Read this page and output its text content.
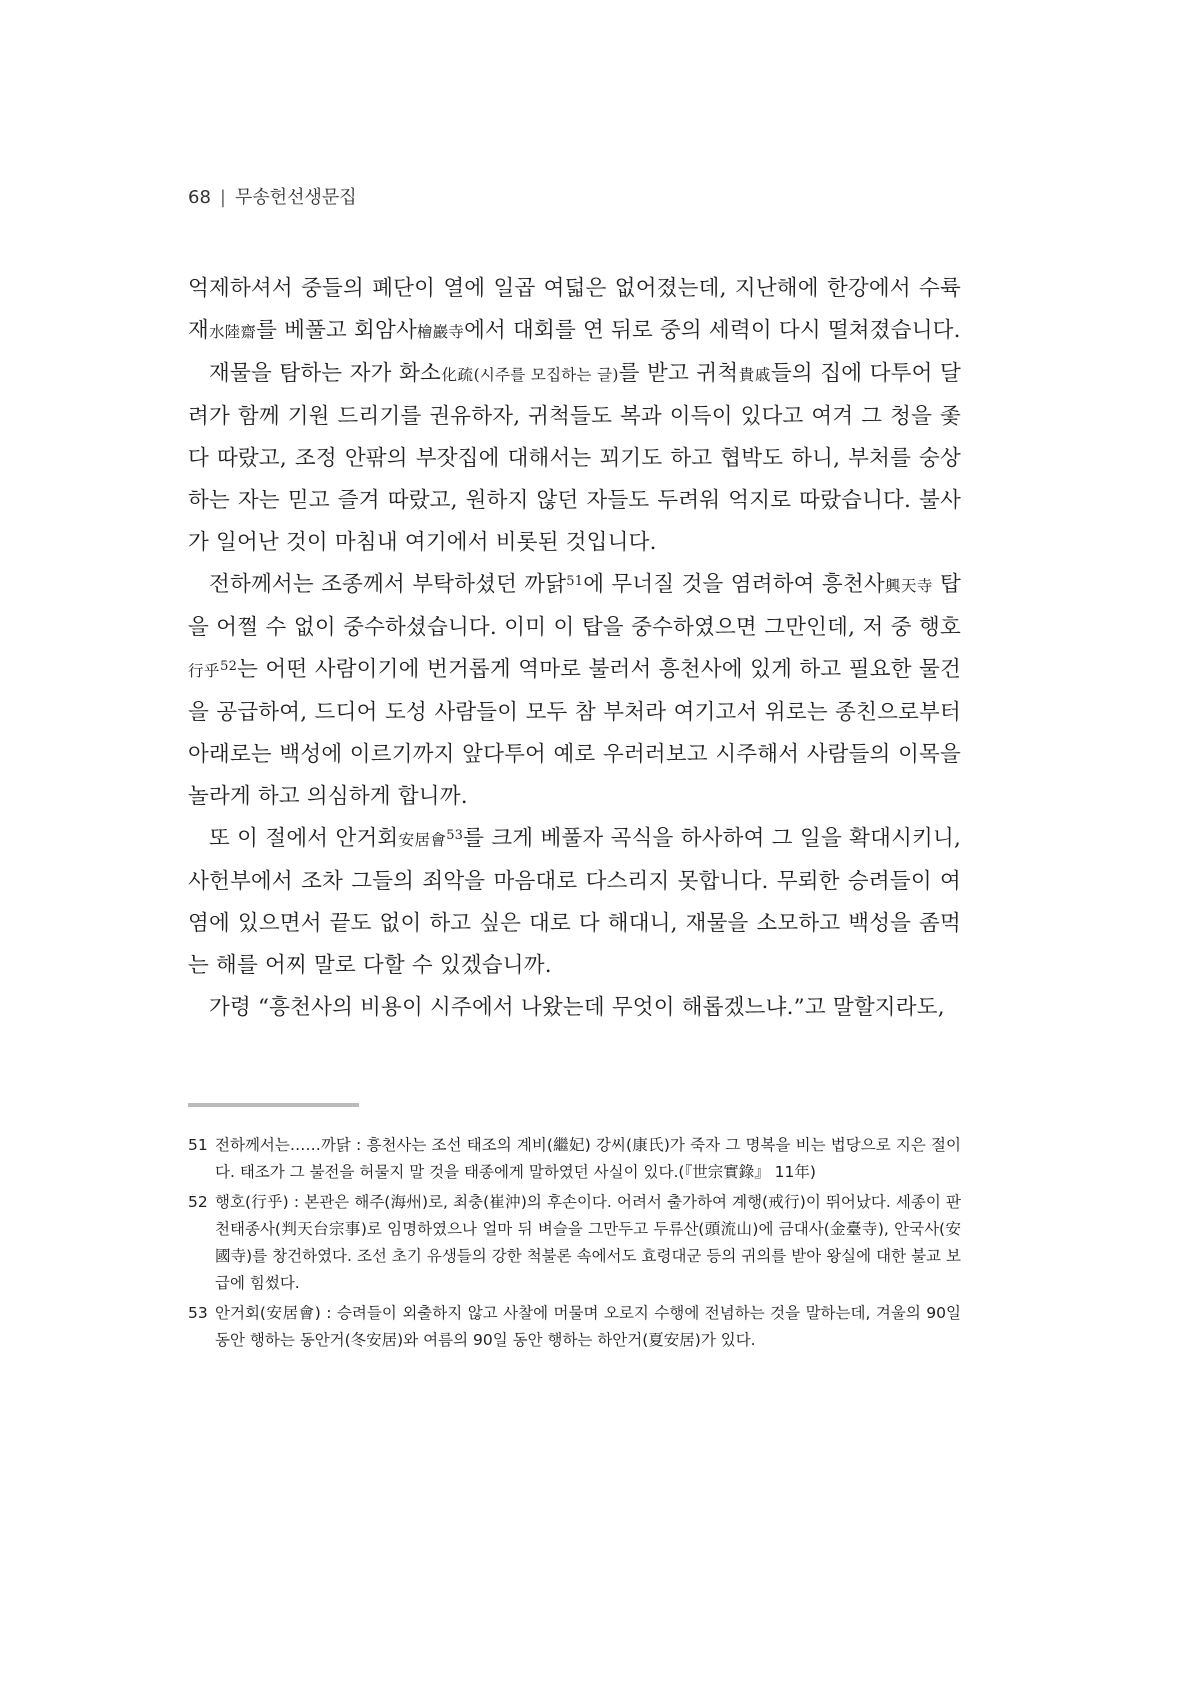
68 | 무송헌선생문집

억제하셔서 중들의 폐단이 열에 일곱 여덟은 없어졌는데, 지난해에 한강에서 수륙재水陸齋를 베풀고 회암사檜巖寺에서 대회를 연 뒤로 중의 세력이 다시 떨쳐졌습니다.

재물을 탐하는 자가 화소化疏(시주를 모집하는 글)를 받고 귀척貴戚들의 집에 다투어 달려가 함께 기원 드리기를 권유하자, 귀척들도 복과 이득이 있다고 여겨 그 청을 좇다 따랐고, 조정 안팎의 부잣집에 대해서는 꾀기도 하고 협박도 하니, 부처를 숭상하는 자는 믿고 즐겨 따랐고, 원하지 않던 자들도 두려워 억지로 따랐습니다. 불사가 일어난 것이 마침내 여기에서 비롯된 것입니다.

전하께서는 조종께서 부탁하셨던 까닭$^{51}$에 무너질 것을 염려하여 흥천사興天寺 탑을 어쩔 수 없이 중수하셨습니다. 이미 이 탑을 중수하였으면 그만인데, 저 중 행호行乎$^{52}$는 어떤 사람이기에 번거롭게 역마로 불러서 흥천사에 있게 하고 필요한 물건을 공급하여, 드디어 도성 사람들이 모두 참 부처라 여기고서 위로는 종친으로부터 아래로는 백성에 이르기까지 앞다투어 예로 우러러보고 시주해서 사람들의 이목을 놀라게 하고 의심하게 합니까.

또 이 절에서 안거회安居會$^{53}$를 크게 베풀자 곡식을 하사하여 그 일을 확대시키니, 사헌부에서 조차 그들의 죄악을 마음대로 다스리지 못합니다. 무뢰한 승려들이 여염에 있으면서 끝도 없이 하고 싶은 대로 다 해대니, 재물을 소모하고 백성을 좀먹는 해를 어찌 말로 다할 수 있겠습니까.

가령 “흥천사의 비용이 시주에서 나왔는데 무엇이 해롭겠느냐.”고 말할지라도,

51 전하께서는……까닭 : 흥천사는 조선 태조의 계비(繼妃) 강씨(康氏)가 죽자 그 명복을 비는 법당으로 지은 절이다. 태조가 그 불전을 허물지 말 것을 태종에게 말하였던 사실이 있다.(『世宗實錄』 11年)
52 행호(行乎) : 본관은 해주(海州)로, 최충(崔沖)의 후손이다. 어려서 출가하여 계행(戒行)이 뛰어났다. 세종이 판천태종사(判天台宗事)로 임명하였으나 얼마 뒤 벼슬을 그만두고 두류산(頭流山)에 금대사(金臺寺), 안국사(安國寺)를 창건하였다. 조선 초기 유생들의 강한 척불론 속에서도 효령대군 등의 귀의를 받아 왕실에 대한 불교 보급에 힘썼다.
53 안거회(安居會) : 승려들이 외출하지 않고 사찰에 머물며 오로지 수행에 전념하는 것을 말하는데, 겨울의 90일 동안 행하는 동안거(冬安居)와 여름의 90일 동안 행하는 하안거(夏安居)가 있다.
